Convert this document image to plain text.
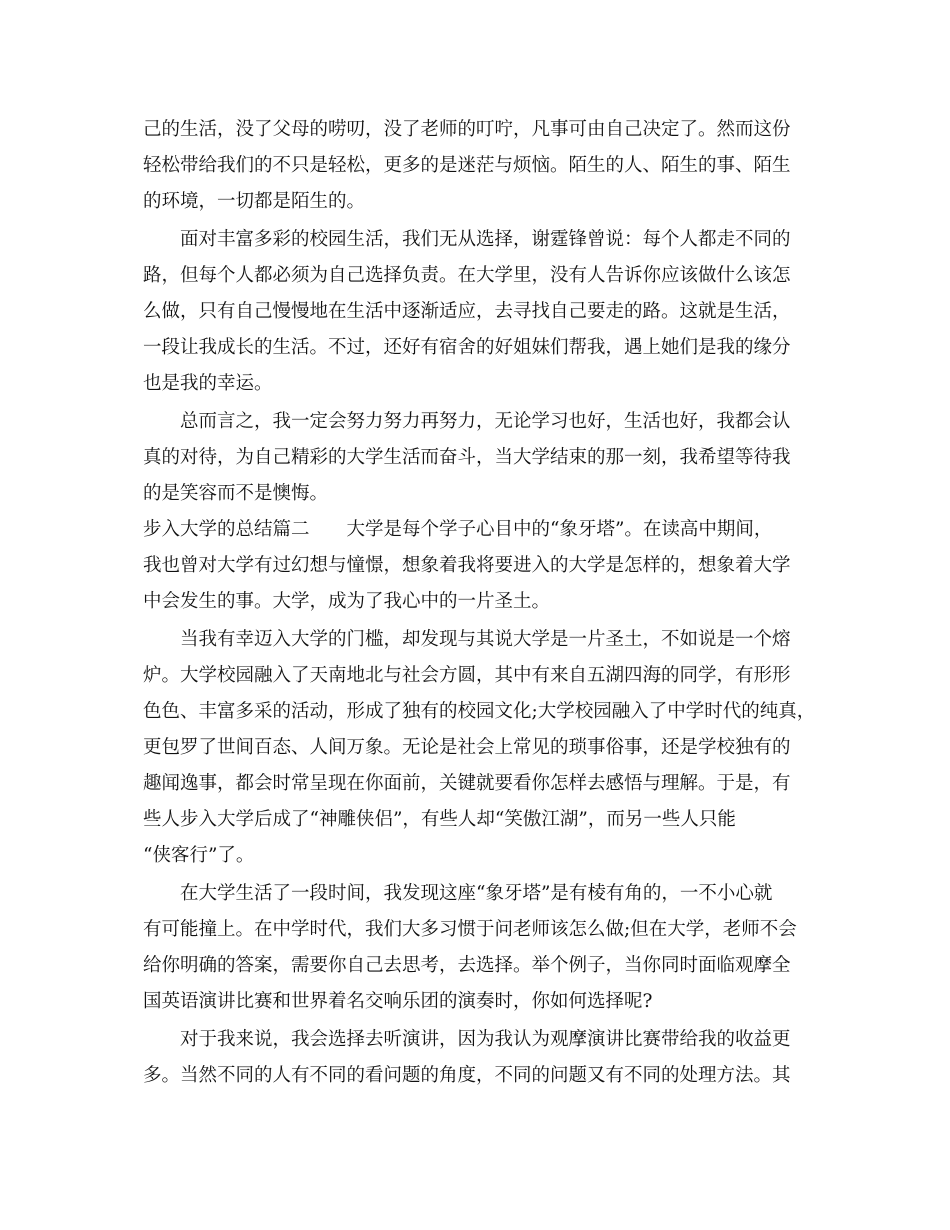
己的生活，没了父母的唠叨，没了老师的叮咛，凡事可由自己决定了。然而这份
轻松带给我们的不只是轻松，更多的是迷茫与烦恼。陌生的人、陌生的事、陌生
的环境，一切都是陌生的。
面对丰富多彩的校园生活，我们无从选择，谢霆锋曾说：每个人都走不同的
路，但每个人都必须为自己选择负责。在大学里，没有人告诉你应该做什么该怎
么做，只有自己慢慢地在生活中逐渐适应，去寻找自己要走的路。这就是生活，
一段让我成长的生活。不过，还好有宿舍的好姐妹们帮我，遇上她们是我的缘分
也是我的幸运。
总而言之，我一定会努力努力再努力，无论学习也好，生活也好，我都会认
真的对待，为自己精彩的大学生活而奋斗，当大学结束的那一刻，我希望等待我
的是笑容而不是懊悔。
步入大学的总结篇二　　大学是每个学子心目中的“象牙塔”。在读高中期间，
我也曾对大学有过幻想与憧憬，想象着我将要进入的大学是怎样的，想象着大学
中会发生的事。大学，成为了我心中的一片圣土。
当我有幸迈入大学的门槛，却发现与其说大学是一片圣土，不如说是一个熔
炉。大学校园融入了天南地北与社会方圆，其中有来自五湖四海的同学，有形形
色色、丰富多采的活动，形成了独有的校园文化;大学校园融入了中学时代的纯真，
更包罗了世间百态、人间万象。无论是社会上常见的琐事俗事，还是学校独有的
趣闻逸事，都会时常呈现在你面前，关键就要看你怎样去感悟与理解。于是，有
些人步入大学后成了“神雕侠侣”，有些人却“笑傲江湖”，而另一些人只能
“侠客行”了。
在大学生活了一段时间，我发现这座“象牙塔”是有棱有角的，一不小心就
有可能撞上。在中学时代，我们大多习惯于问老师该怎么做;但在大学，老师不会
给你明确的答案，需要你自己去思考，去选择。举个例子，当你同时面临观摩全
国英语演讲比赛和世界着名交响乐团的演奏时，你如何选择呢?
对于我来说，我会选择去听演讲，因为我认为观摩演讲比赛带给我的收益更
多。当然不同的人有不同的看问题的角度，不同的问题又有不同的处理方法。其
